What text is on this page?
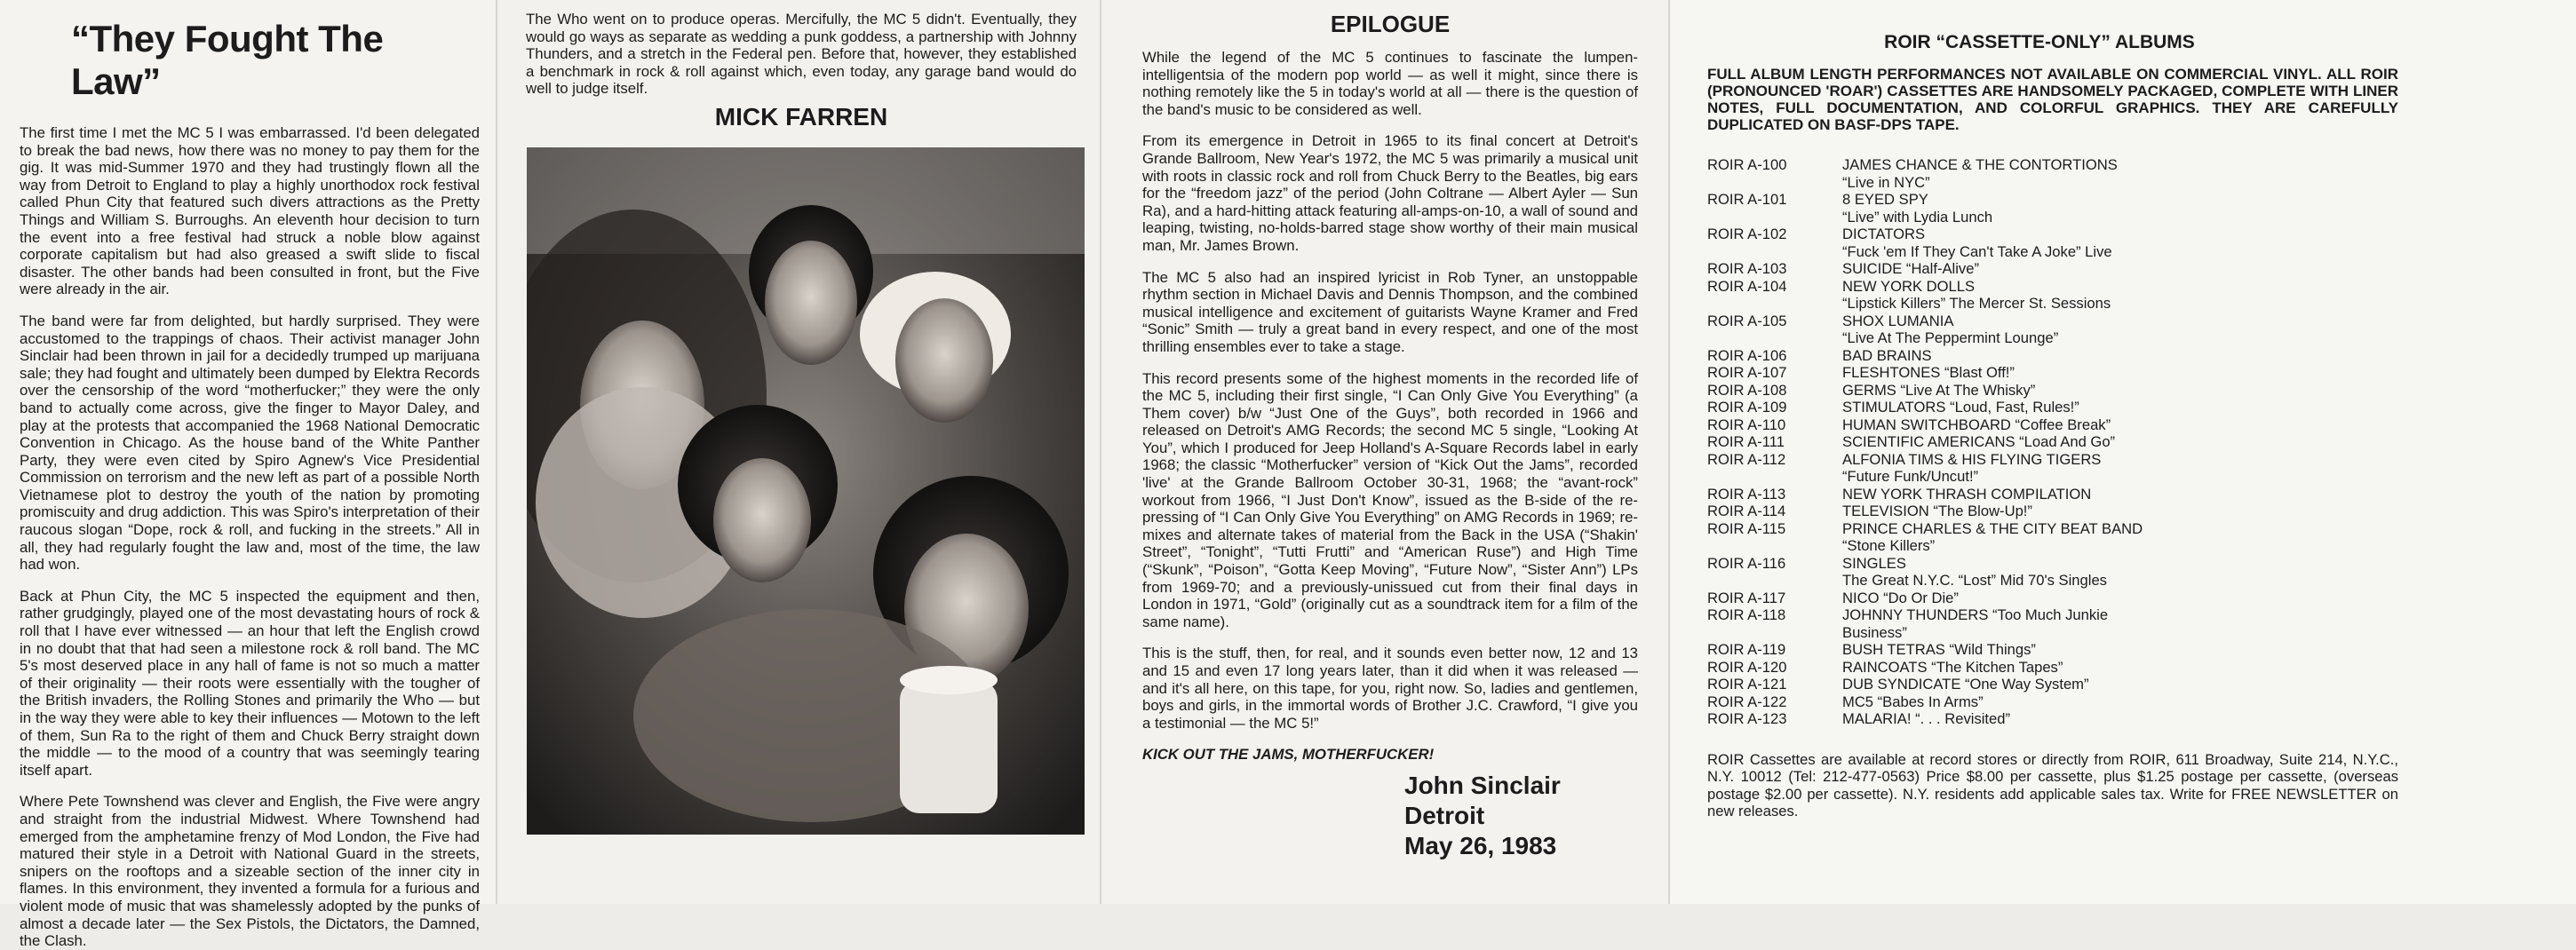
“They Fought The Law”

The first time I met the MC 5 I was embarrassed. I'd been delegated to break the bad news, how there was no money to pay them for the gig. It was mid-Summer 1970 and they had trustingly flown all the way from Detroit to England to play a highly unorthodox rock festival called Phun City that featured such divers attractions as the Pretty Things and William S. Burroughs. An eleventh hour decision to turn the event into a free festival had struck a noble blow against corporate capitalism but had also greased a swift slide to fiscal disaster. The other bands had been consulted in front, but the Five were already in the air.

The band were far from delighted, but hardly surprised. They were accustomed to the trappings of chaos. Their activist manager John Sinclair had been thrown in jail for a decidedly trumped up marijuana sale; they had fought and ultimately been dumped by Elektra Records over the censorship of the word “motherfucker;” they were the only band to actually come across, give the finger to Mayor Daley, and play at the protests that accompanied the 1968 National Democratic Convention in Chicago. As the house band of the White Panther Party, they were even cited by Spiro Agnew's Vice Presidential Commission on terrorism and the new left as part of a possible North Vietnamese plot to destroy the youth of the nation by promoting promiscuity and drug addiction. This was Spiro's interpretation of their raucous slogan “Dope, rock & roll, and fucking in the streets.” All in all, they had regularly fought the law and, most of the time, the law had won.

Back at Phun City, the MC 5 inspected the equipment and then, rather grudgingly, played one of the most devastating hours of rock & roll that I have ever witnessed — an hour that left the English crowd in no doubt that that had seen a milestone rock & roll band. The MC 5's most deserved place in any hall of fame is not so much a matter of their originality — their roots were essentially with the tougher of the British invaders, the Rolling Stones and primarily the Who — but in the way they were able to key their influences — Motown to the left of them, Sun Ra to the right of them and Chuck Berry straight down the middle — to the mood of a country that was seemingly tearing itself apart.

Where Pete Townshend was clever and English, the Five were angry and straight from the industrial Midwest. Where Townshend had emerged from the amphetamine frenzy of Mod London, the Five had matured their style in a Detroit with National Guard in the streets, snipers on the rooftops and a sizeable section of the inner city in flames. In this environment, they invented a formula for a furious and violent mode of music that was shamelessly adopted by the punks of almost a decade later — the Sex Pistols, the Dictators, the Damned, the Clash.

The Who went on to produce operas. Mercifully, the MC 5 didn't. Eventually, they would go ways as separate as wedding a punk goddess, a partnership with Johnny Thunders, and a stretch in the Federal pen. Before that, however, they established a benchmark in rock & roll against which, even today, any garage band would do well to judge itself.

MICK FARREN
EPILOGUE

While the legend of the MC 5 continues to fascinate the lumpen-intelligentsia of the modern pop world — as well it might, since there is nothing remotely like the 5 in today's world at all — there is the question of the band's music to be considered as well.

From its emergence in Detroit in 1965 to its final concert at Detroit's Grande Ballroom, New Year's 1972, the MC 5 was primarily a musical unit with roots in classic rock and roll from Chuck Berry to the Beatles, big ears for the “freedom jazz” of the period (John Coltrane — Albert Ayler — Sun Ra), and a hard-hitting attack featuring all-amps-on-10, a wall of sound and leaping, twisting, no-holds-barred stage show worthy of their main musical man, Mr. James Brown.

The MC 5 also had an inspired lyricist in Rob Tyner, an unstoppable rhythm section in Michael Davis and Dennis Thompson, and the combined musical intelligence and excitement of guitarists Wayne Kramer and Fred “Sonic” Smith — truly a great band in every respect, and one of the most thrilling ensembles ever to take a stage.

This record presents some of the highest moments in the recorded life of the MC 5, including their first single, “I Can Only Give You Everything” (a Them cover) b/w “Just One of the Guys”, both recorded in 1966 and released on Detroit's AMG Records; the second MC 5 single, “Looking At You”, which I produced for Jeep Holland's A-Square Records label in early 1968; the classic “Motherfucker” version of “Kick Out the Jams”, recorded 'live' at the Grande Ballroom October 30-31, 1968; the “avant-rock” workout from 1966, “I Just Don't Know”, issued as the B-side of the re-pressing of “I Can Only Give You Everything” on AMG Records in 1969; re-mixes and alternate takes of material from the Back in the USA (“Shakin' Street”, “Tonight”, “Tutti Frutti” and “American Ruse”) and High Time (“Skunk”, “Poison”, “Gotta Keep Moving”, “Future Now”, “Sister Ann”) LPs from 1969-70; and a previously-unissued cut from their final days in London in 1971, “Gold” (originally cut as a soundtrack item for a film of the same name).

This is the stuff, then, for real, and it sounds even better now, 12 and 13 and 15 and even 17 long years later, than it did when it was released — and it's all here, on this tape, for you, right now. So, ladies and gentlemen, boys and girls, in the immortal words of Brother J.C. Crawford, “I give you a testimonial — the MC 5!”

KICK OUT THE JAMS, MOTHERFUCKER!

John Sinclair
Detroit
May 26, 1983
ROIR “CASSETTE-ONLY” ALBUMS

FULL ALBUM LENGTH PERFORMANCES NOT AVAILABLE ON COMMERCIAL VINYL. ALL ROIR (PRONOUNCED 'ROAR') CASSETTES ARE HANDSOMELY PACKAGED, COMPLETE WITH LINER NOTES, FULL DOCUMENTATION, AND COLORFUL GRAPHICS. THEY ARE CAREFULLY DUPLICATED ON BASF-DPS TAPE.

ROIR A-100	JAMES CHANCE & THE CONTORTIONS
“Live in NYC”
ROIR A-101	8 EYED SPY
“Live” with Lydia Lunch
ROIR A-102	DICTATORS
“Fuck 'em If They Can't Take A Joke” Live
ROIR A-103	SUICIDE “Half-Alive”
ROIR A-104	NEW YORK DOLLS
“Lipstick Killers” The Mercer St. Sessions
ROIR A-105	SHOX LUMANIA
“Live At The Peppermint Lounge”
ROIR A-106	BAD BRAINS
ROIR A-107	FLESHTONES “Blast Off!”
ROIR A-108	GERMS “Live At The Whisky”
ROIR A-109	STIMULATORS “Loud, Fast, Rules!”
ROIR A-110	HUMAN SWITCHBOARD “Coffee Break”
ROIR A-111	SCIENTIFIC AMERICANS “Load And Go”
ROIR A-112	ALFONIA TIMS & HIS FLYING TIGERS
“Future Funk/Uncut!”
ROIR A-113	NEW YORK THRASH COMPILATION
ROIR A-114	TELEVISION “The Blow-Up!”
ROIR A-115	PRINCE CHARLES & THE CITY BEAT BAND
“Stone Killers”
ROIR A-116	SINGLES
The Great N.Y.C. “Lost” Mid 70's Singles
ROIR A-117	NICO “Do Or Die”
ROIR A-118	JOHNNY THUNDERS “Too Much Junkie
Business”
ROIR A-119	BUSH TETRAS “Wild Things”
ROIR A-120	RAINCOATS “The Kitchen Tapes”
ROIR A-121	DUB SYNDICATE “One Way System”
ROIR A-122	MC5 “Babes In Arms”
ROIR A-123	MALARIA! “. . . Revisited”

ROIR Cassettes are available at record stores or directly from ROIR, 611 Broadway, Suite 214, N.Y.C., N.Y. 10012 (Tel: 212-477-0563) Price $8.00 per cassette, plus $1.25 postage per cassette, (overseas postage $2.00 per cassette). N.Y. residents add applicable sales tax. Write for FREE NEWSLETTER on new releases.
